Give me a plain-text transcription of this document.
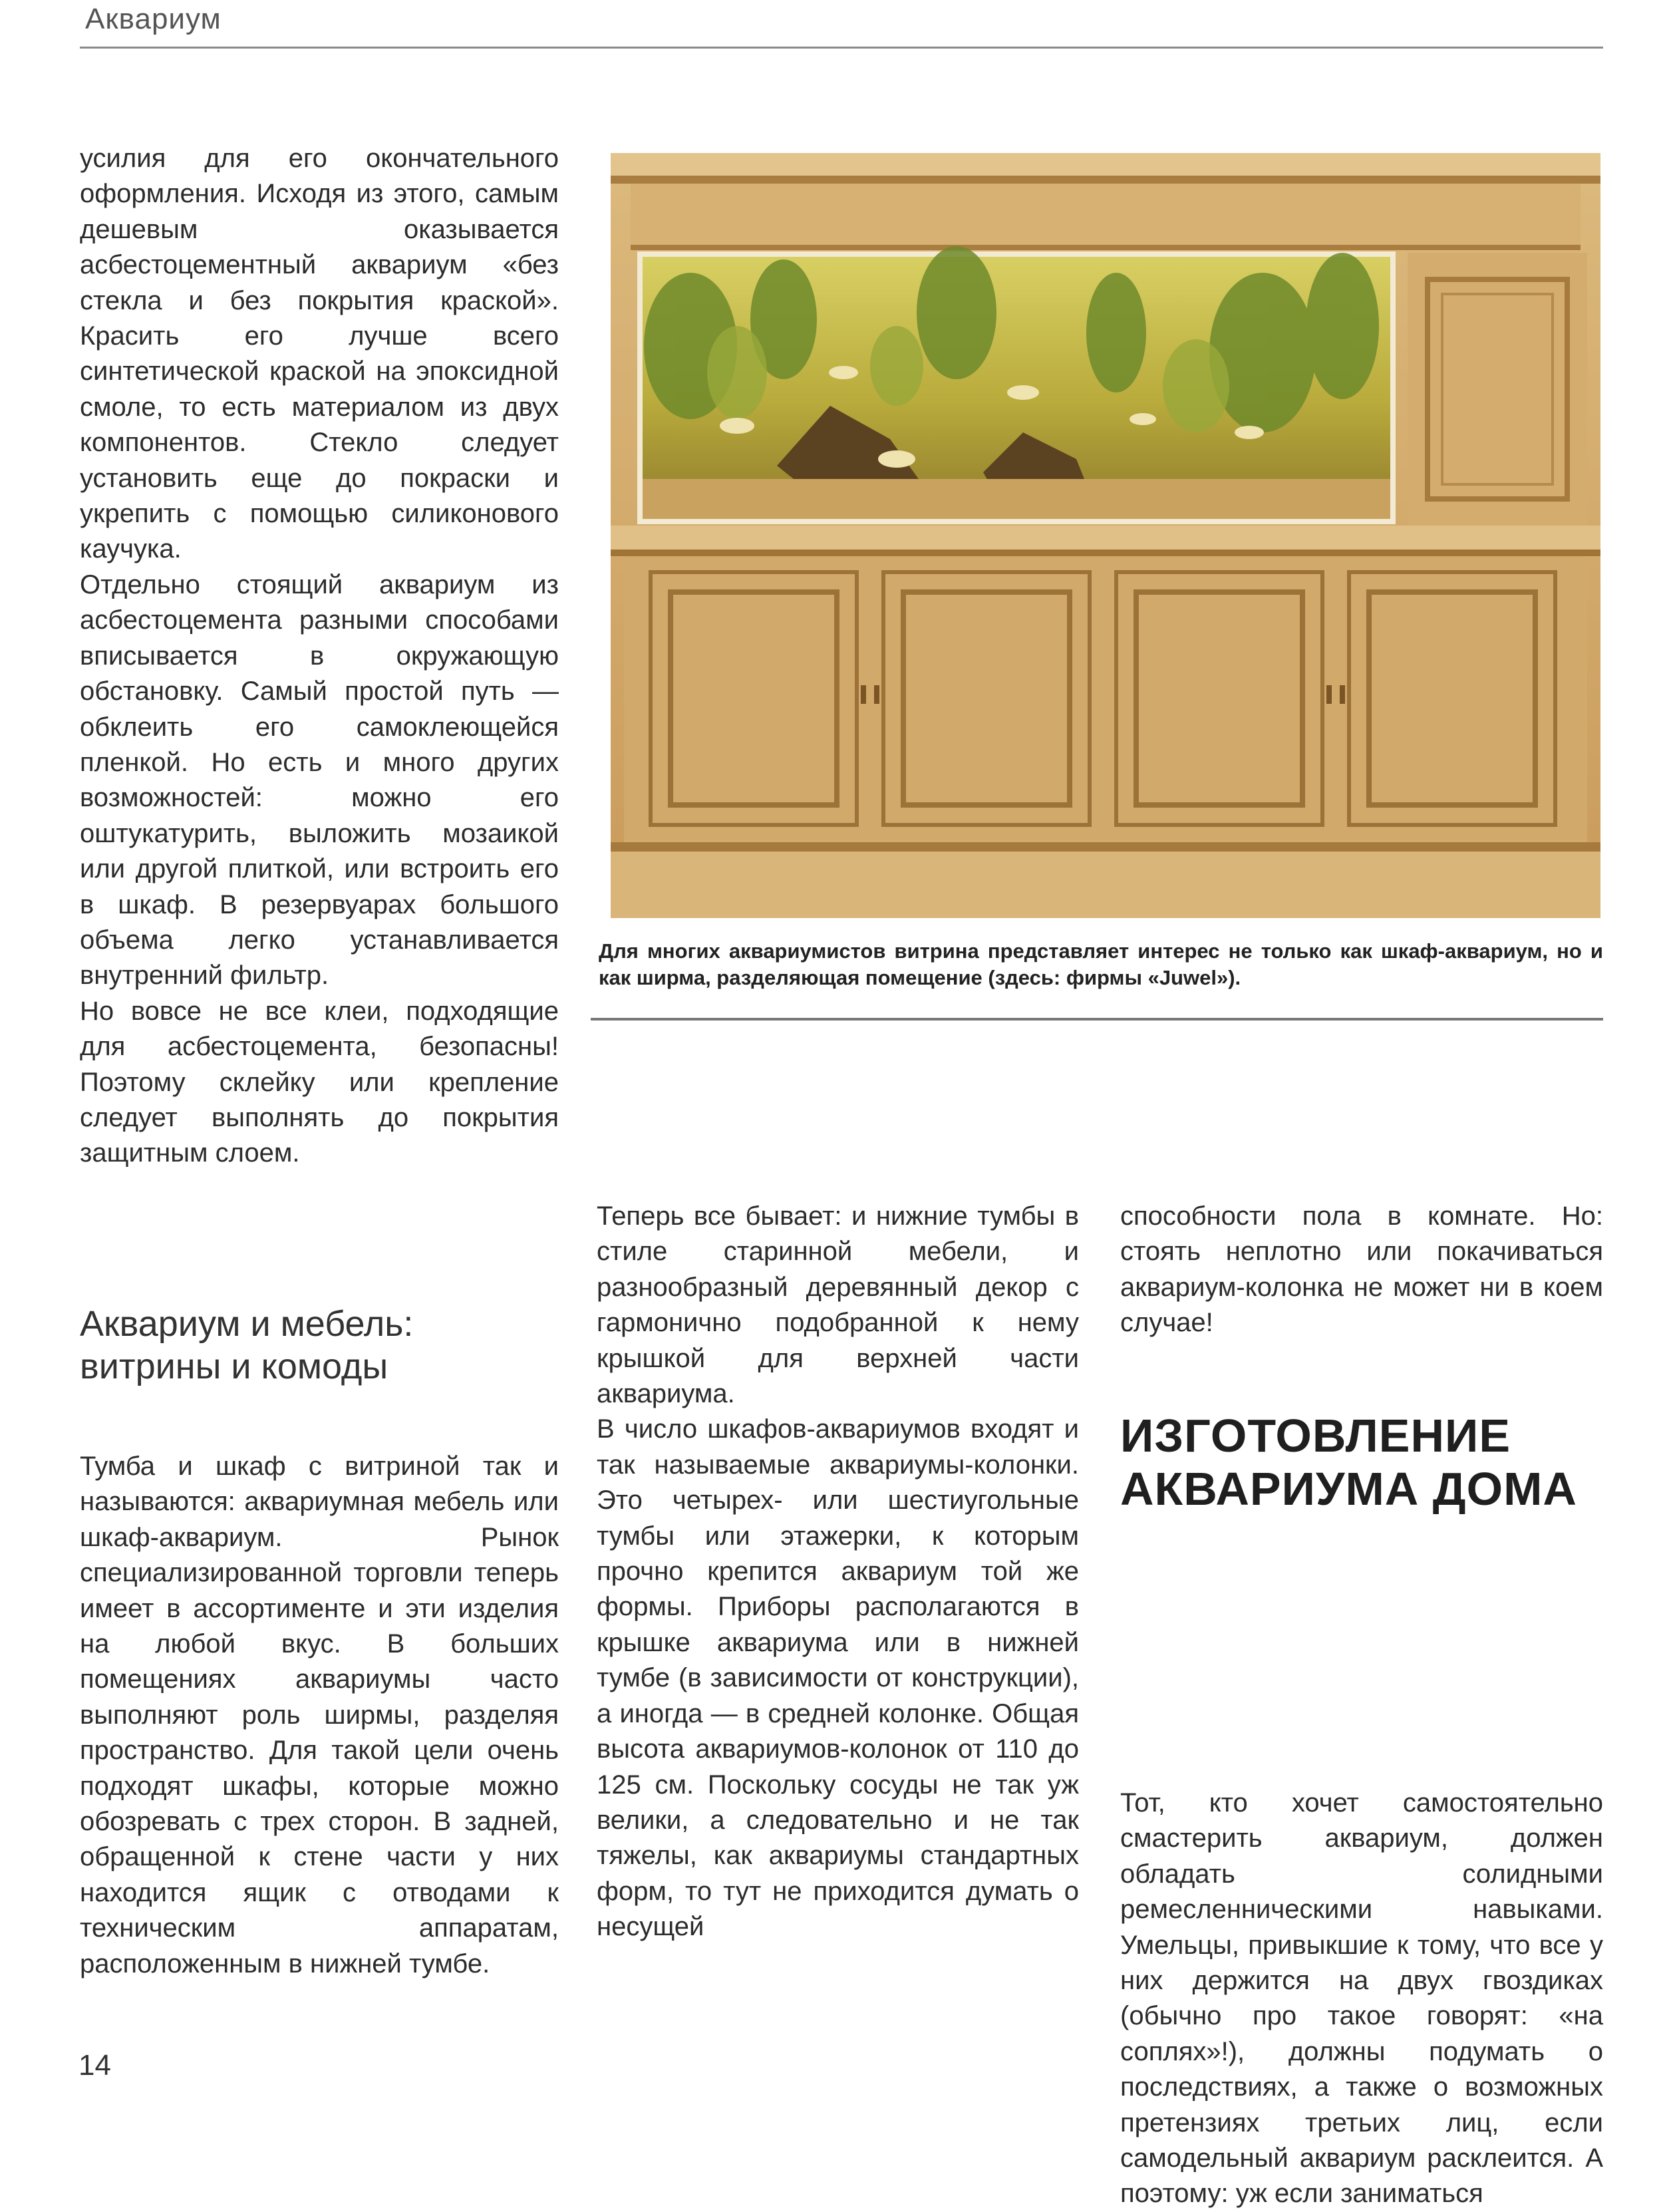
Аквариум

усилия для его окончательного оформления. Исходя из этого, самым дешевым оказывается асбестоцементный аквариум «без стекла и без покрытия краской». Красить его лучше всего синтетической краской на эпоксидной смоле, то есть материалом из двух компонентов. Стекло следует установить еще до покраски и укрепить с помощью силиконового каучука.

Отдельно стоящий аквариум из асбестоцемента разными способами вписывается в окружающую обстановку. Самый простой путь — обклеить его самоклеющейся пленкой. Но есть и много других возможностей: можно его оштукатурить, выложить мозаикой или другой плиткой, или встроить его в шкаф. В резервуарах большого объема легко устанавливается внутренний фильтр.

Но вовсе не все клеи, подходящие для асбестоцемента, безопасны! Поэтому склейку или крепление следует выполнять до покрытия защитным слоем.

Аквариум и мебель:
витрины и комоды

Тумба и шкаф с витриной так и называются: аквариумная мебель или шкаф-аквариум. Рынок специализированной торговли теперь имеет в ассортименте и эти изделия на любой вкус. В больших помещениях аквариумы часто выполняют роль ширмы, разделяя пространство. Для такой цели очень подходят шкафы, которые можно обозревать с трех сторон. В задней, обращенной к стене части у них находится ящик с отводами к техническим аппаратам, расположенным в нижней тумбе.

Для многих аквариумистов витрина представляет интерес не только как шкаф-аквариум, но и как ширма, разделяющая помещение (здесь: фирмы «Juwel»).

Теперь все бывает: и нижние тумбы в стиле старинной мебели, и разнообразный деревянный декор с гармонично подобранной к нему крышкой для верхней части аквариума.

В число шкафов-аквариумов входят и так называемые аквариумы-колонки. Это четырех- или шестиугольные тумбы или этажерки, к которым прочно крепится аквариум той же формы. Приборы располагаются в крышке аквариума или в нижней тумбе (в зависимости от конструкции), а иногда — в средней колонке. Общая высота аквариумов-колонок от 110 до 125 см. Поскольку сосуды не так уж велики, а следовательно и не так тяжелы, как аквариумы стандартных форм, то тут не приходится думать о несущей

способности пола в комнате. Но: стоять неплотно или покачиваться аквариум-колонка не может ни в коем случае!

ИЗГОТОВЛЕНИЕ
АКВАРИУМА ДОМА

Тот, кто хочет самостоятельно смастерить аквариум, должен обладать солидными ремесленническими навыками. Умельцы, привыкшие к тому, что все у них держится на двух гвоздиках (обычно про такое говорят: «на соплях»!), должны подумать о последствиях, а также о возможных претензиях третьих лиц, если самодельный аквариум расклеится. А поэтому: уж если заниматься

14
